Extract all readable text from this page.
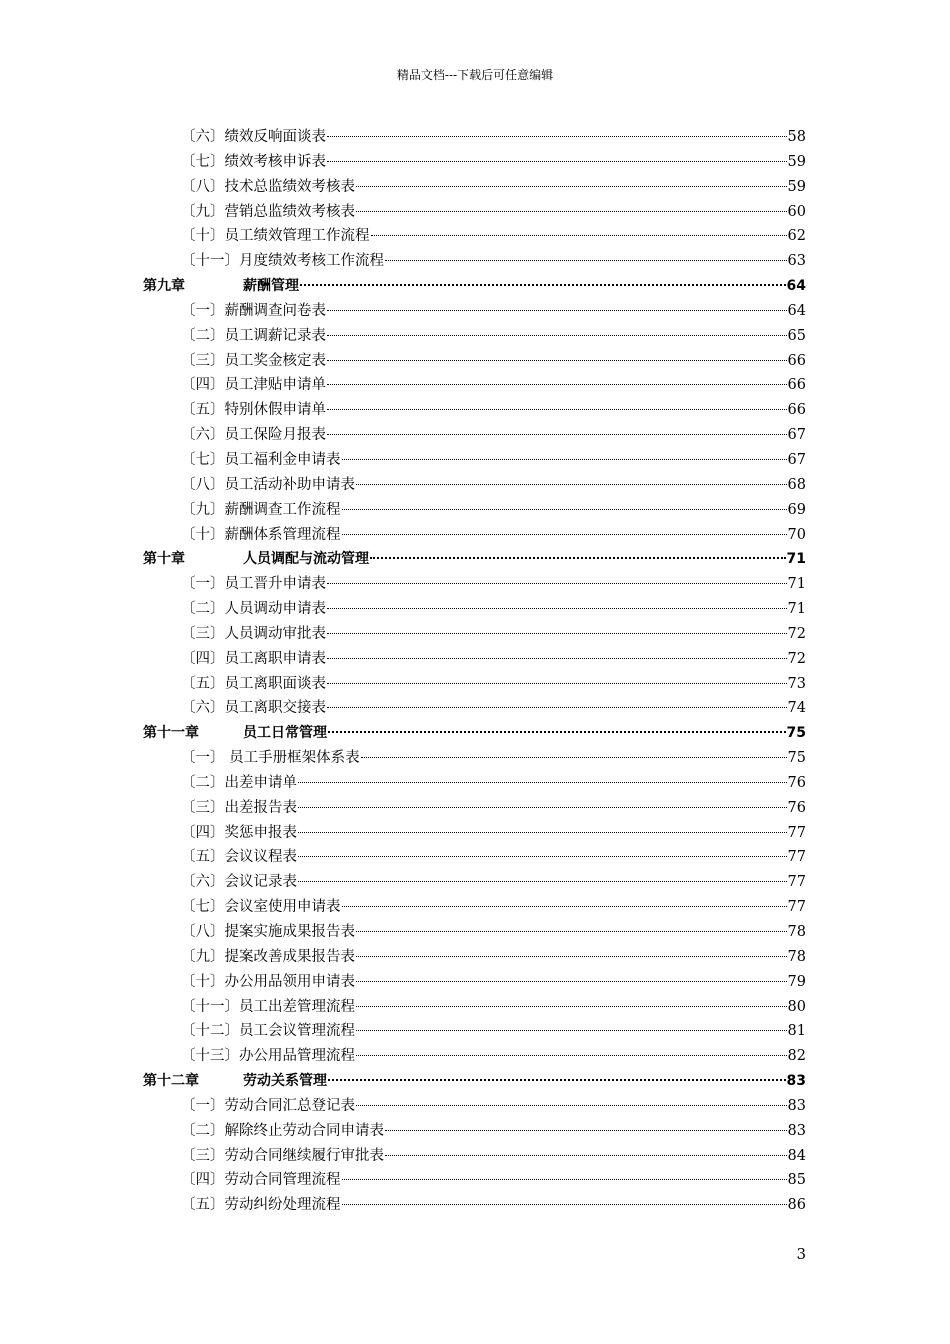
精品文档---下载后可任意编辑
〔六〕绩效反响面谈表	58
〔七〕绩效考核申诉表	59
〔八〕技术总监绩效考核表	59
〔九〕营销总监绩效考核表	60
〔十〕员工绩效管理工作流程	62
〔十一〕月度绩效考核工作流程	63
第九章	薪酬管理	64
〔一〕薪酬调查问卷表	64
〔二〕员工调薪记录表	65
〔三〕员工奖金核定表	66
〔四〕员工津贴申请单	66
〔五〕特别休假申请单	66
〔六〕员工保险月报表	67
〔七〕员工福利金申请表	67
〔八〕员工活动补助申请表	68
〔九〕薪酬调查工作流程	69
〔十〕薪酬体系管理流程	70
第十章	人员调配与流动管理	71
〔一〕员工晋升申请表	71
〔二〕人员调动申请表	71
〔三〕人员调动审批表	72
〔四〕员工离职申请表	72
〔五〕员工离职面谈表	73
〔六〕员工离职交接表	74
第十一章	员工日常管理	75
〔一〕 员工手册框架体系表	75
〔二〕出差申请单	76
〔三〕出差报告表	76
〔四〕奖惩申报表	77
〔五〕会议议程表	77
〔六〕会议记录表	77
〔七〕会议室使用申请表	77
〔八〕提案实施成果报告表	78
〔九〕提案改善成果报告表	78
〔十〕办公用品领用申请表	79
〔十一〕员工出差管理流程	80
〔十二〕员工会议管理流程	81
〔十三〕办公用品管理流程	82
第十二章	劳动关系管理	83
〔一〕劳动合同汇总登记表	83
〔二〕解除终止劳动合同申请表	83
〔三〕劳动合同继续履行审批表	84
〔四〕劳动合同管理流程	85
〔五〕劳动纠纷处理流程	86
3
